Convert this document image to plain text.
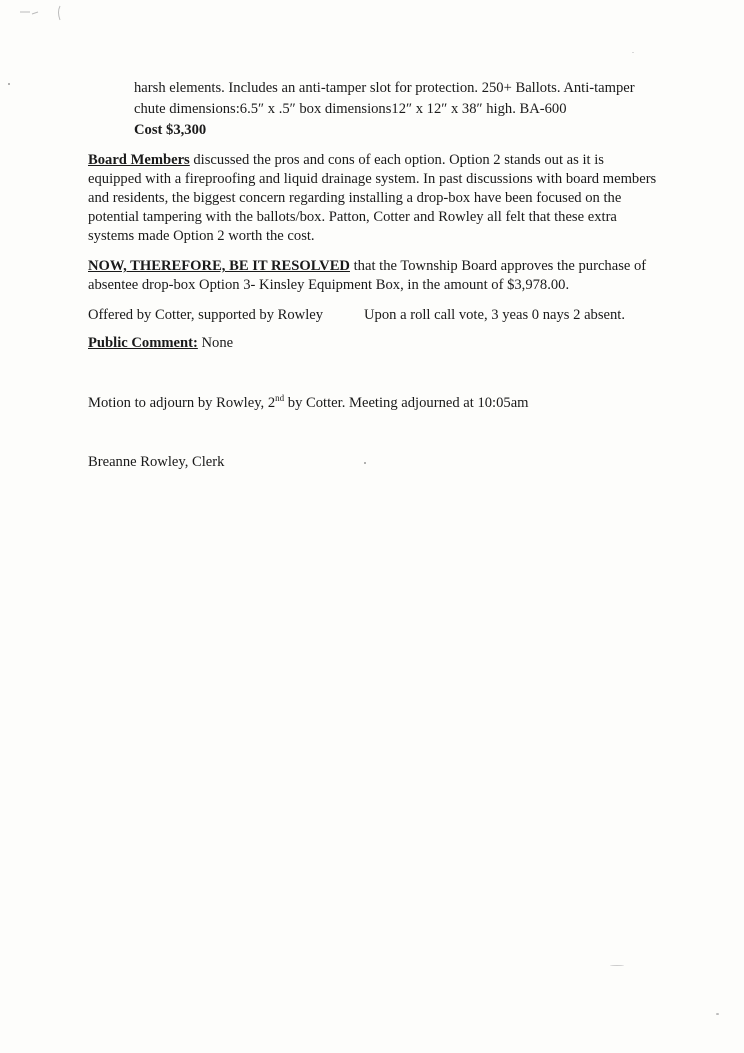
harsh elements. Includes an anti-tamper slot for protection. 250+ Ballots. Anti-tamper

chute dimensions:6.5″ x .5″ box dimensions12″ x 12″ x 38″ high. BA-600

Cost $3,300

Board Members discussed the pros and cons of each option. Option 2 stands out as it is

equipped with a fireproofing and liquid drainage system. In past discussions with board members

and residents, the biggest concern regarding installing a drop-box have been focused on the

potential tampering with the ballots/box. Patton, Cotter and Rowley all felt that these extra

systems made Option 2 worth the cost.

NOW, THEREFORE, BE IT RESOLVED that the Township Board approves the purchase of

absentee drop-box Option 3- Kinsley Equipment Box, in the amount of $3,978.00.

Offered by Cotter, supported by Rowley	Upon a roll call vote, 3 yeas 0 nays 2 absent.

Public Comment: None

Motion to adjourn by Rowley, 2nd by Cotter. Meeting adjourned at 10:05am

Breanne Rowley, Clerk
